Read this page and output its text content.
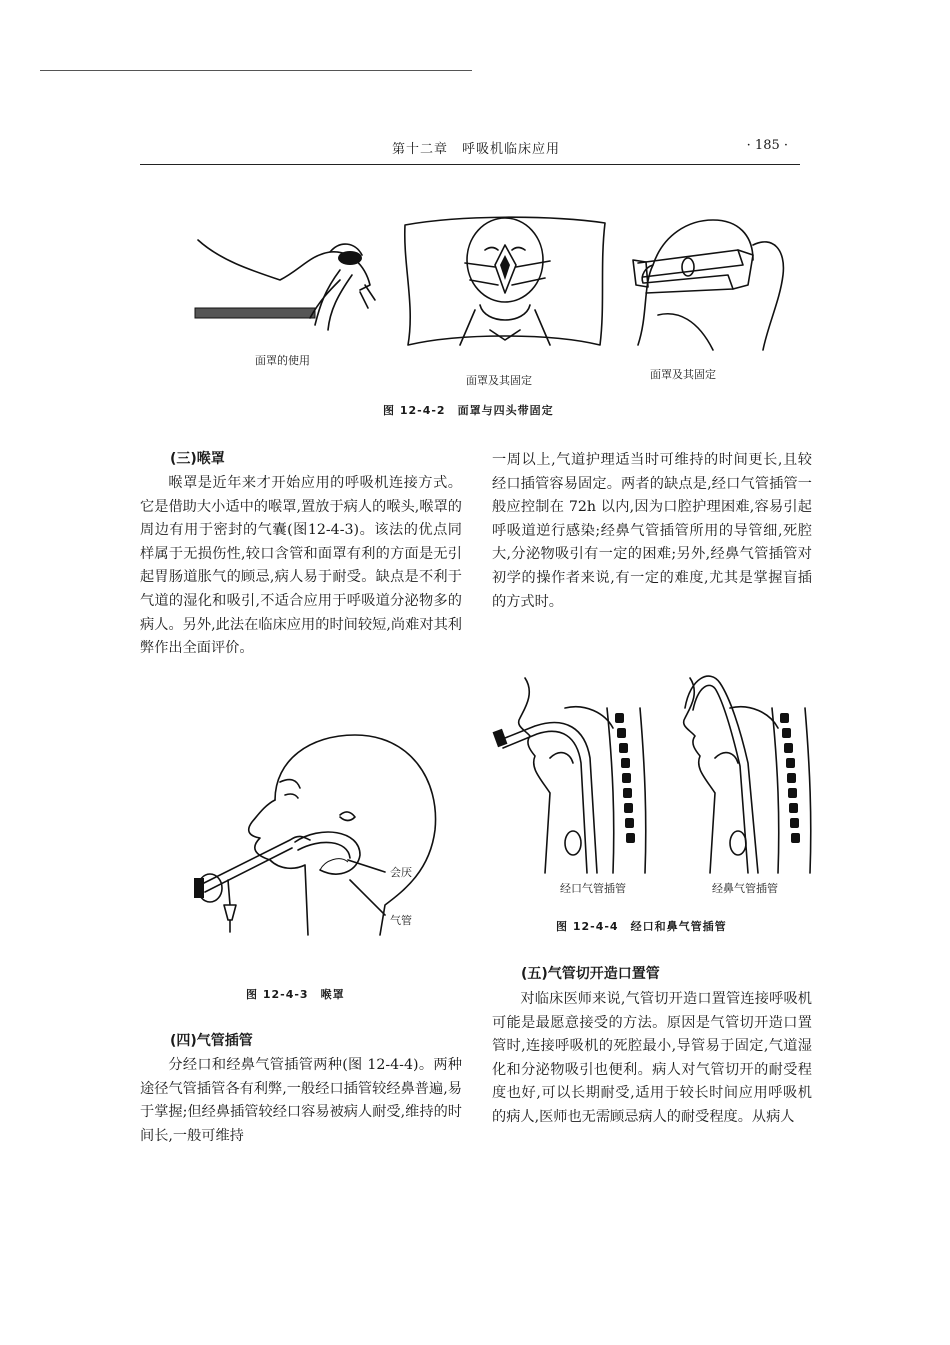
第十二章　呼吸机临床应用	· 185 ·
面罩的使用
面罩及其固定	面罩及其固定
图 12-4-2　面罩与四头带固定
(三)喉罩

喉罩是近年来才开始应用的呼吸机连接方式。它是借助大小适中的喉罩,置放于病人的喉头,喉罩的周边有用于密封的气囊(图12-4-3)。该法的优点同样属于无损伤性,较口含管和面罩有利的方面是无引起胃肠道胀气的顾忌,病人易于耐受。缺点是不利于气道的湿化和吸引,不适合应用于呼吸道分泌物多的病人。另外,此法在临床应用的时间较短,尚难对其利弊作出全面评价。

会厌
气管
图 12-4-3　喉罩
(四)气管插管

分经口和经鼻气管插管两种(图 12-4-4)。两种途径气管插管各有利弊,一般经口插管较经鼻普遍,易于掌握;但经鼻插管较经口容易被病人耐受,维持的时间长,一般可维持

一周以上,气道护理适当时可维持的时间更长,且较经口插管容易固定。两者的缺点是,经口气管插管一般应控制在 72h 以内,因为口腔护理困难,容易引起呼吸道逆行感染;经鼻气管插管所用的导管细,死腔大,分泌物吸引有一定的困难;另外,经鼻气管插管对初学的操作者来说,有一定的难度,尤其是掌握盲插的方式时。

经口气管插管	经鼻气管插管
图 12-4-4　经口和鼻气管插管
(五)气管切开造口置管

对临床医师来说,气管切开造口置管连接呼吸机可能是最愿意接受的方法。原因是气管切开造口置管时,连接呼吸机的死腔最小,导管易于固定,气道湿化和分泌物吸引也便利。病人对气管切开的耐受程度也好,可以长期耐受,适用于较长时间应用呼吸机的病人,医师也无需顾忌病人的耐受程度。从病人
